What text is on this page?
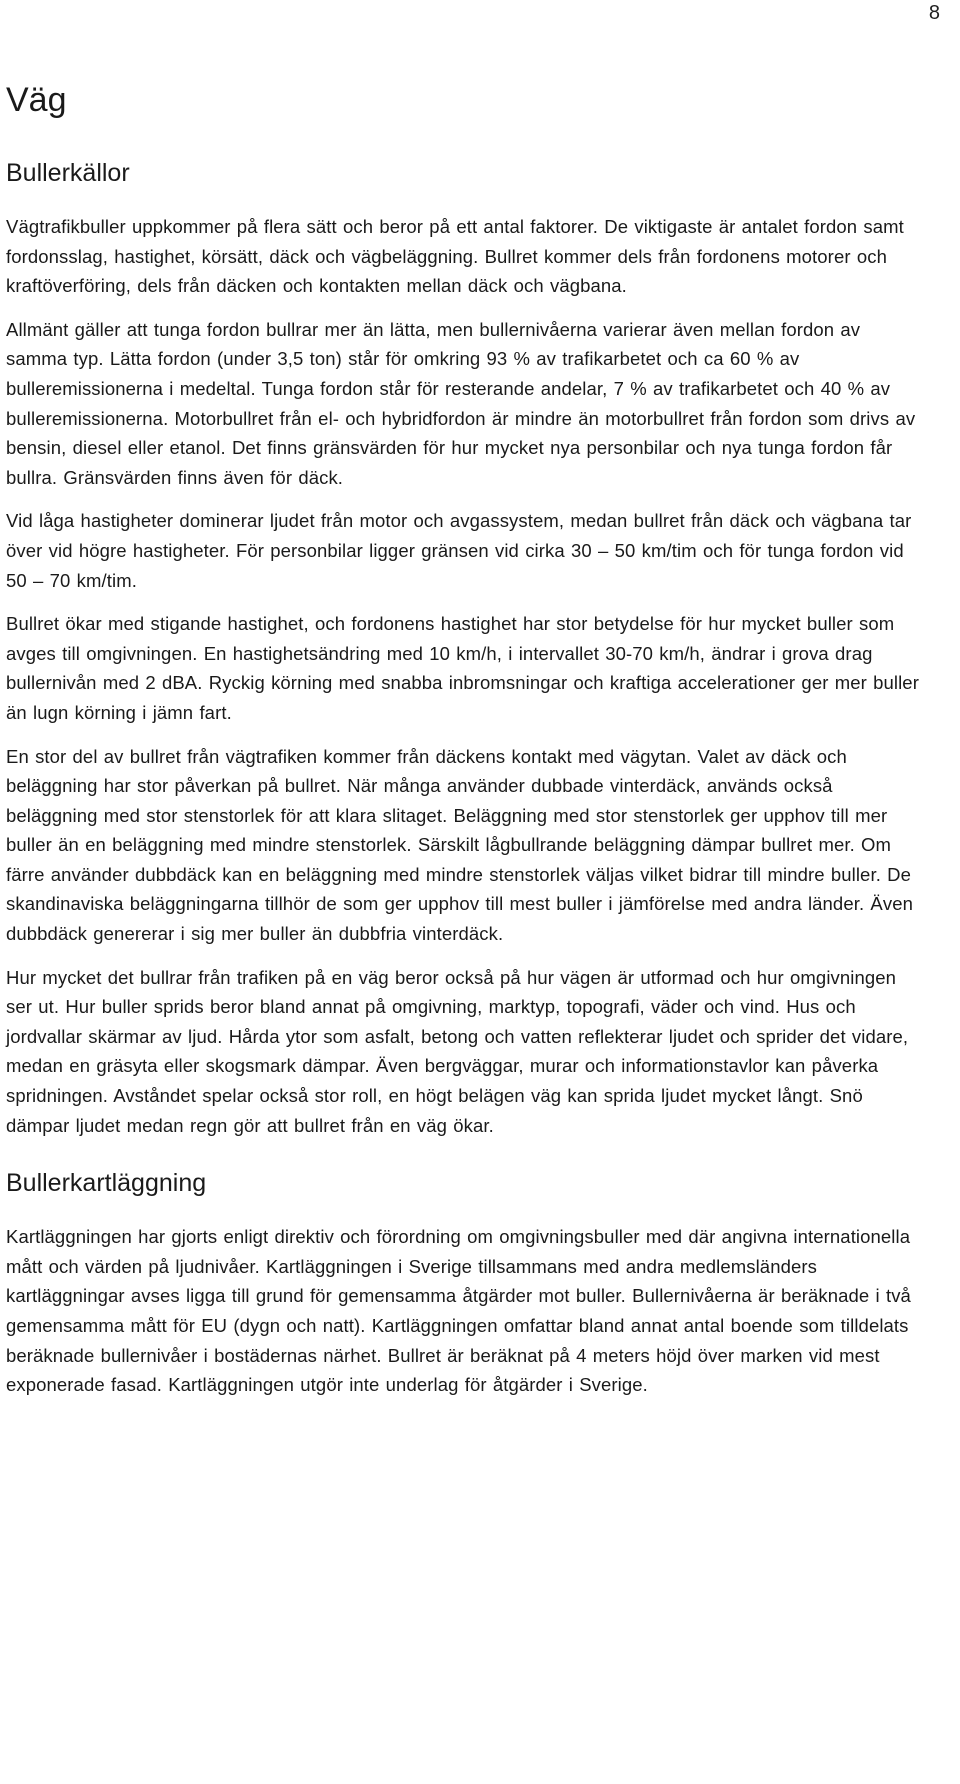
8
Väg
Bullerkällor

Vägtrafikbuller uppkommer på flera sätt och beror på ett antal faktorer. De viktigaste är antalet fordon samt fordonsslag, hastighet, körsätt, däck och vägbeläggning. Bullret kommer dels från fordonens motorer och kraftöverföring, dels från däcken och kontakten mellan däck och vägbana.

Allmänt gäller att tunga fordon bullrar mer än lätta, men bullernivåerna varierar även mellan fordon av samma typ. Lätta fordon (under 3,5 ton) står för omkring 93 % av trafikarbetet och ca 60 % av bulleremissionerna i medeltal. Tunga fordon står för resterande andelar, 7 % av trafikarbetet och 40 % av bulleremissionerna. Motorbullret från el- och hybridfordon är mindre än motorbullret från fordon som drivs av bensin, diesel eller etanol. Det finns gränsvärden för hur mycket nya personbilar och nya tunga fordon får bullra. Gränsvärden finns även för däck.

Vid låga hastigheter dominerar ljudet från motor och avgassystem, medan bullret från däck och vägbana tar över vid högre hastigheter. För personbilar ligger gränsen vid cirka 30 – 50 km/tim och för tunga fordon vid 50 – 70 km/tim.

Bullret ökar med stigande hastighet, och fordonens hastighet har stor betydelse för hur mycket buller som avges till omgivningen. En hastighetsändring med 10 km/h, i intervallet 30-70 km/h, ändrar i grova drag bullernivån med 2 dBA. Ryckig körning med snabba inbromsningar och kraftiga accelerationer ger mer buller än lugn körning i jämn fart.

En stor del av bullret från vägtrafiken kommer från däckens kontakt med vägytan. Valet av däck och beläggning har stor påverkan på bullret. När många använder dubbade vinterdäck, används också beläggning med stor stenstorlek för att klara slitaget. Beläggning med stor stenstorlek ger upphov till mer buller än en beläggning med mindre stenstorlek. Särskilt lågbullrande beläggning dämpar bullret mer. Om färre använder dubbdäck kan en beläggning med mindre stenstorlek väljas vilket bidrar till mindre buller. De skandinaviska beläggningarna tillhör de som ger upphov till mest buller i jämförelse med andra länder. Även dubbdäck genererar i sig mer buller än dubbfria vinterdäck.

Hur mycket det bullrar från trafiken på en väg beror också på hur vägen är utformad och hur omgivningen ser ut. Hur buller sprids beror bland annat på omgivning, marktyp, topografi, väder och vind. Hus och jordvallar skärmar av ljud. Hårda ytor som asfalt, betong och vatten reflekterar ljudet och sprider det vidare, medan en gräsyta eller skogsmark dämpar. Även bergväggar, murar och informationstavlor kan påverka spridningen. Avståndet spelar också stor roll, en högt belägen väg kan sprida ljudet mycket långt. Snö dämpar ljudet medan regn gör att bullret från en väg ökar.

Bullerkartläggning

Kartläggningen har gjorts enligt direktiv och förordning om omgivningsbuller med där angivna internationella mått och värden på ljudnivåer. Kartläggningen i Sverige tillsammans med andra medlemsländers kartläggningar avses ligga till grund för gemensamma åtgärder mot buller. Bullernivåerna är beräknade i två gemensamma mått för EU (dygn och natt). Kartläggningen omfattar bland annat antal boende som tilldelats beräknade bullernivåer i bostädernas närhet. Bullret är beräknat på 4 meters höjd över marken vid mest exponerade fasad. Kartläggningen utgör inte underlag för åtgärder i Sverige.
